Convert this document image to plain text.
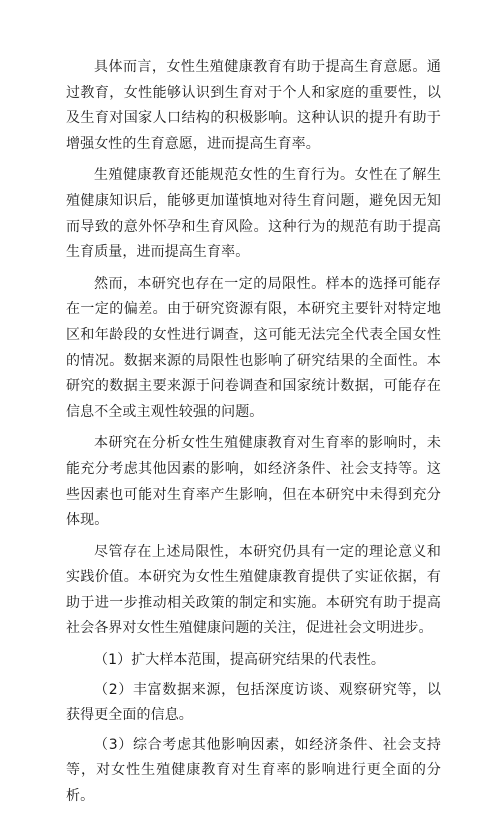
具体而言，女性生殖健康教育有助于提高生育意愿。通过教育，女性能够认识到生育对于个人和家庭的重要性，以及生育对国家人口结构的积极影响。这种认识的提升有助于增强女性的生育意愿，进而提高生育率。

生殖健康教育还能规范女性的生育行为。女性在了解生殖健康知识后，能够更加谨慎地对待生育问题，避免因无知而导致的意外怀孕和生育风险。这种行为的规范有助于提高生育质量，进而提高生育率。

然而，本研究也存在一定的局限性。样本的选择可能存在一定的偏差。由于研究资源有限，本研究主要针对特定地区和年龄段的女性进行调查，这可能无法完全代表全国女性的情况。数据来源的局限性也影响了研究结果的全面性。本研究的数据主要来源于问卷调查和国家统计数据，可能存在信息不全或主观性较强的问题。

本研究在分析女性生殖健康教育对生育率的影响时，未能充分考虑其他因素的影响，如经济条件、社会支持等。这些因素也可能对生育率产生影响，但在本研究中未得到充分体现。

尽管存在上述局限性，本研究仍具有一定的理论意义和实践价值。本研究为女性生殖健康教育提供了实证依据，有助于进一步推动相关政策的制定和实施。本研究有助于提高社会各界对女性生殖健康问题的关注，促进社会文明进步。

（1）扩大样本范围，提高研究结果的代表性。

（2）丰富数据来源，包括深度访谈、观察研究等，以获得更全面的信息。

（3）综合考虑其他影响因素，如经济条件、社会支持等，对女性生殖健康教育对生育率的影响进行更全面的分析。
